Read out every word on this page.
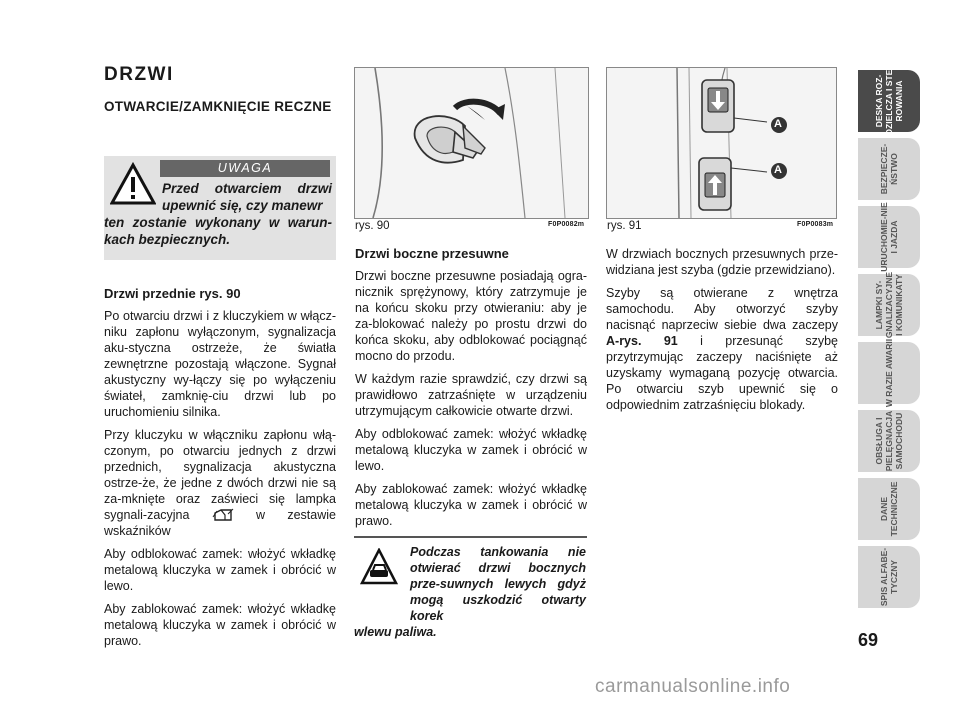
DRZWI
OTWARCIE/ZAMKNIĘCIE RECZNE
UWAGA
Przed otwarciem drzwi upewnić się, czy manewr
ten zostanie wykonany w warun-kach bezpiecznych.

Drzwi przednie rys. 90

Po otwarciu drzwi i z kluczykiem w włącz-niku zapłonu wyłączonym, sygnalizacja aku-styczna ostrzeże, że światła zewnętrzne pozostają włączone. Sygnał akustyczny wy-łączy się po wyłączeniu świateł, zamknię-ciu drzwi lub po uruchomieniu silnika.

Przy kluczyku w włączniku zapłonu włą-czonym, po otwarciu jednych z drzwi przednich, sygnalizacja akustyczna ostrze-że, że jedne z dwóch drzwi nie są za-mknięte oraz zaświeci się lampka sygnali-zacyjna	w zestawie wskaźników

Aby odblokować zamek: włożyć wkładkę metalową kluczyka w zamek i obrócić w lewo.

Aby zablokować zamek: włożyć wkładkę metalową kluczyka w zamek i obrócić w prawo.

rys. 90	F0P0082m
A
A
rys. 91	F0P0083m

Drzwi boczne przesuwne

Drzwi boczne przesuwne posiadają ogra-nicznik sprężynowy, który zatrzymuje je na końcu skoku przy otwieraniu: aby je za-blokować należy po prostu drzwi do końca skoku, aby odblokować pociągnąć mocno do przodu.

W każdym razie sprawdzić, czy drzwi są prawidłowo zatrzaśnięte w urządzeniu utrzymującym całkowicie otwarte drzwi.

Aby odblokować zamek: włożyć wkładkę metalową kluczyka w zamek i obrócić w lewo.

Aby zablokować zamek: włożyć wkładkę metalową kluczyka w zamek i obrócić w prawo.

Podczas tankowania nie otwierać drzwi bocznych prze-suwnych lewych gdyż mogą uszkodzić otwarty korek
wlewu paliwa.

W drzwiach bocznych przesuwnych prze-widziana jest szyba (gdzie przewidziano).

Szyby są otwierane z wnętrza samochodu. Aby otworzyć szyby nacisnąć naprzeciw siebie dwa zaczepy A-rys. 91 i przesunąć szybę przytrzymując zaczepy naciśnięte aż uzyskamy wymaganą pozycję otwarcia. Po otwarciu szyb upewnić się o odpowiednim zatrzaśnięciu blokady.

DESKA ROZ-DZIELCZA I STE-ROWANIA
BEZPIECZE-ŃSTWO
URUCHOMIE-NIE I JAZDA
LAMPKI SY-GNALIZACYJNE I KOMUNIKATY
W RAZIE AWARII
OBSŁUGA I PIELĘGNACJA SAMOCHODU
DANE TECHNICZNE
SPIS ALFABE-TYCZNY
69
carmanualsonline.info
